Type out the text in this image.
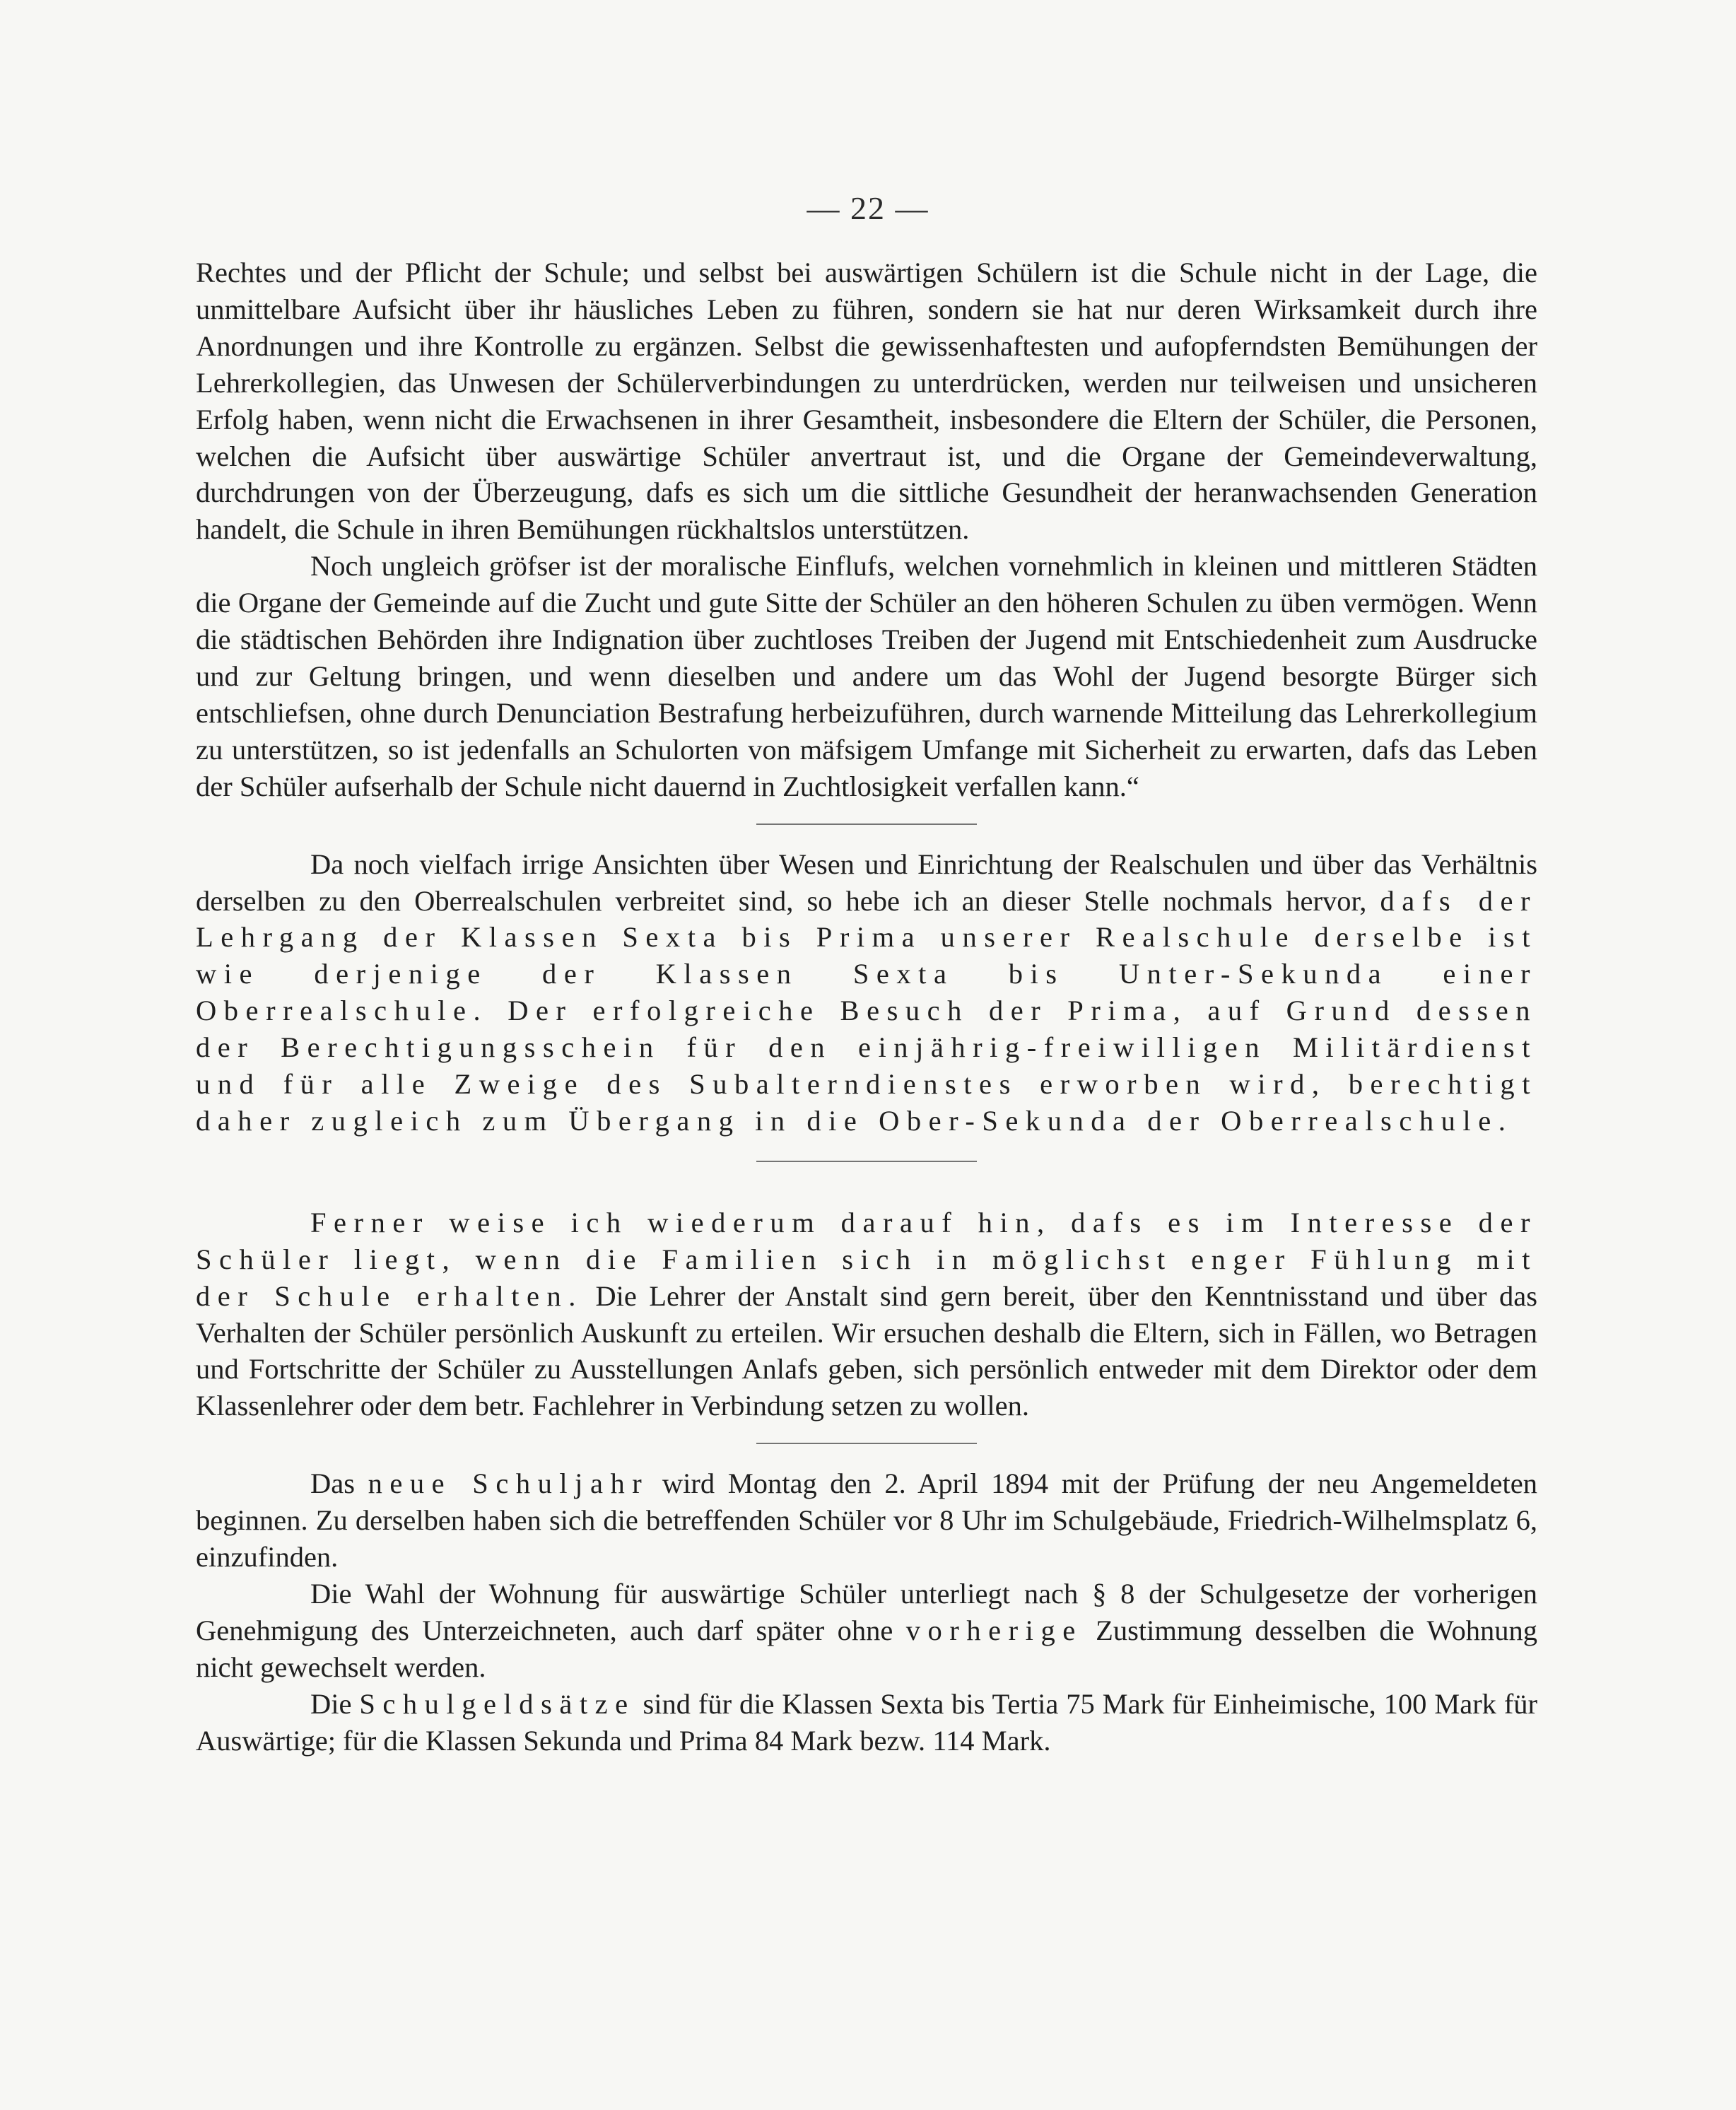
— 22 —

Rechtes und der Pflicht der Schule; und selbst bei auswärtigen Schülern ist die Schule nicht in der Lage, die unmittelbare Aufsicht über ihr häusliches Leben zu führen, sondern sie hat nur deren Wirksamkeit durch ihre Anordnungen und ihre Kontrolle zu ergänzen. Selbst die gewissenhaftesten und aufopferndsten Bemühungen der Lehrerkollegien, das Unwesen der Schülerverbindungen zu unterdrücken, werden nur teilweisen und unsicheren Erfolg haben, wenn nicht die Erwachsenen in ihrer Gesamtheit, insbesondere die Eltern der Schüler, die Personen, welchen die Aufsicht über auswärtige Schüler anvertraut ist, und die Organe der Gemeindeverwaltung, durchdrungen von der Überzeugung, dafs es sich um die sittliche Gesundheit der heranwachsenden Generation handelt, die Schule in ihren Bemühungen rückhaltslos unterstützen.

Noch ungleich gröfser ist der moralische Einflufs, welchen vornehmlich in kleinen und mittleren Städten die Organe der Gemeinde auf die Zucht und gute Sitte der Schüler an den höheren Schulen zu üben vermögen. Wenn die städtischen Behörden ihre Indignation über zuchtloses Treiben der Jugend mit Entschiedenheit zum Ausdrucke und zur Geltung bringen, und wenn dieselben und andere um das Wohl der Jugend besorgte Bürger sich entschliefsen, ohne durch Denunciation Bestrafung herbeizuführen, durch warnende Mitteilung das Lehrerkollegium zu unterstützen, so ist jedenfalls an Schulorten von mäfsigem Umfange mit Sicherheit zu erwarten, dafs das Leben der Schüler aufserhalb der Schule nicht dauernd in Zuchtlosigkeit verfallen kann.“

Da noch vielfach irrige Ansichten über Wesen und Einrichtung der Realschulen und über das Verhältnis derselben zu den Oberrealschulen verbreitet sind, so hebe ich an dieser Stelle nochmals hervor, dafs der Lehrgang der Klassen Sexta bis Prima unserer Realschule derselbe ist wie derjenige der Klassen Sexta bis Unter-Sekunda einer Oberrealschule. Der erfolgreiche Besuch der Prima, auf Grund dessen der Berechtigungsschein für den einjährig-freiwilligen Militärdienst und für alle Zweige des Subalterndienstes erworben wird, berechtigt daher zugleich zum Übergang in die Ober-Sekunda der Oberrealschule.

Ferner weise ich wiederum darauf hin, dafs es im Interesse der Schüler liegt, wenn die Familien sich in möglichst enger Fühlung mit der Schule erhalten. Die Lehrer der Anstalt sind gern bereit, über den Kenntnisstand und über das Verhalten der Schüler persönlich Auskunft zu erteilen. Wir ersuchen deshalb die Eltern, sich in Fällen, wo Betragen und Fortschritte der Schüler zu Ausstellungen Anlafs geben, sich persönlich entweder mit dem Direktor oder dem Klassenlehrer oder dem betr. Fachlehrer in Verbindung setzen zu wollen.

Das neue Schuljahr wird Montag den 2. April 1894 mit der Prüfung der neu Angemeldeten beginnen. Zu derselben haben sich die betreffenden Schüler vor 8 Uhr im Schulgebäude, Friedrich-Wilhelmsplatz 6, einzufinden.

Die Wahl der Wohnung für auswärtige Schüler unterliegt nach § 8 der Schulgesetze der vorherigen Genehmigung des Unterzeichneten, auch darf später ohne vorherige Zustimmung desselben die Wohnung nicht gewechselt werden.

Die Schulgeldsätze sind für die Klassen Sexta bis Tertia 75 Mark für Einheimische, 100 Mark für Auswärtige; für die Klassen Sekunda und Prima 84 Mark bezw. 114 Mark.
